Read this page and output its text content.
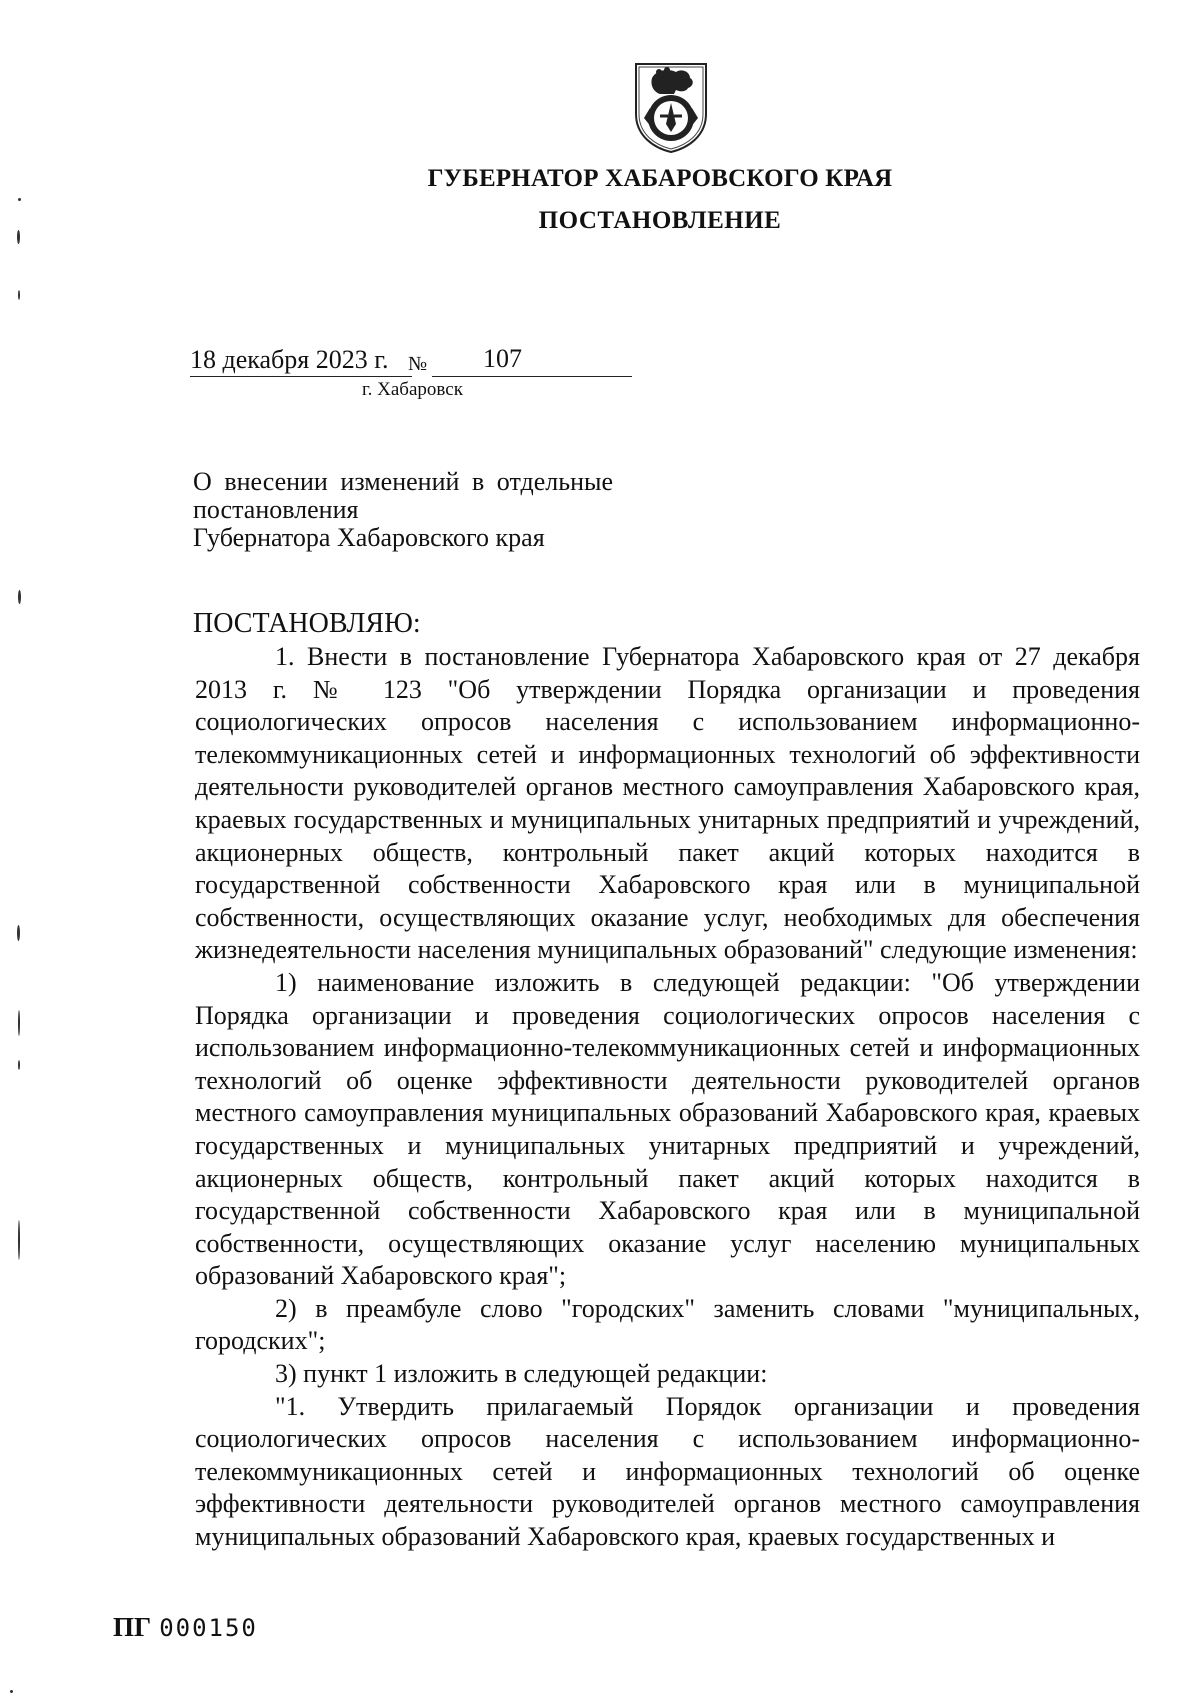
ГУБЕРНАТОР ХАБАРОВСКОГО КРАЯ
ПОСТАНОВЛЕНИЕ
18 декабря 2023 г. № 107
г. Хабаровск
О внесении изменений в отдельные постановления
Губернатора Хабаровского края
ПОСТАНОВЛЯЮ:

1. Внести в постановление Губернатора Хабаровского края от 27 декабря 2013 г. № 123 "Об утверждении Порядка организации и проведения социологических опросов населения с использованием информационно-телекоммуникационных сетей и информационных технологий об эффективности деятельности руководителей органов местного самоуправления Хабаровского края, краевых государственных и муниципальных унитарных предприятий и учреждений, акционерных обществ, контрольный пакет акций которых находится в государственной собственности Хабаровского края или в муниципальной собственности, осуществляющих оказание услуг, необходимых для обеспечения жизнедеятельности населения муниципальных образований" следующие изменения:

1) наименование изложить в следующей редакции: "Об утверждении Порядка организации и проведения социологических опросов населения с использованием информационно-телекоммуникационных сетей и информационных технологий об оценке эффективности деятельности руководителей органов местного самоуправления муниципальных образований Хабаровского края, краевых государственных и муниципальных унитарных предприятий и учреждений, акционерных обществ, контрольный пакет акций которых находится в государственной собственности Хабаровского края или в муниципальной собственности, осуществляющих оказание услуг населению муниципальных образований Хабаровского края";

2) в преамбуле слово "городских" заменить словами "муниципальных, городских";

3) пункт 1 изложить в следующей редакции:

"1. Утвердить прилагаемый Порядок организации и проведения социологических опросов населения с использованием информационно-телекоммуникационных сетей и информационных технологий об оценке эффективности деятельности руководителей органов местного самоуправления муниципальных образований Хабаровского края, краевых государственных и

ПГ 000150
